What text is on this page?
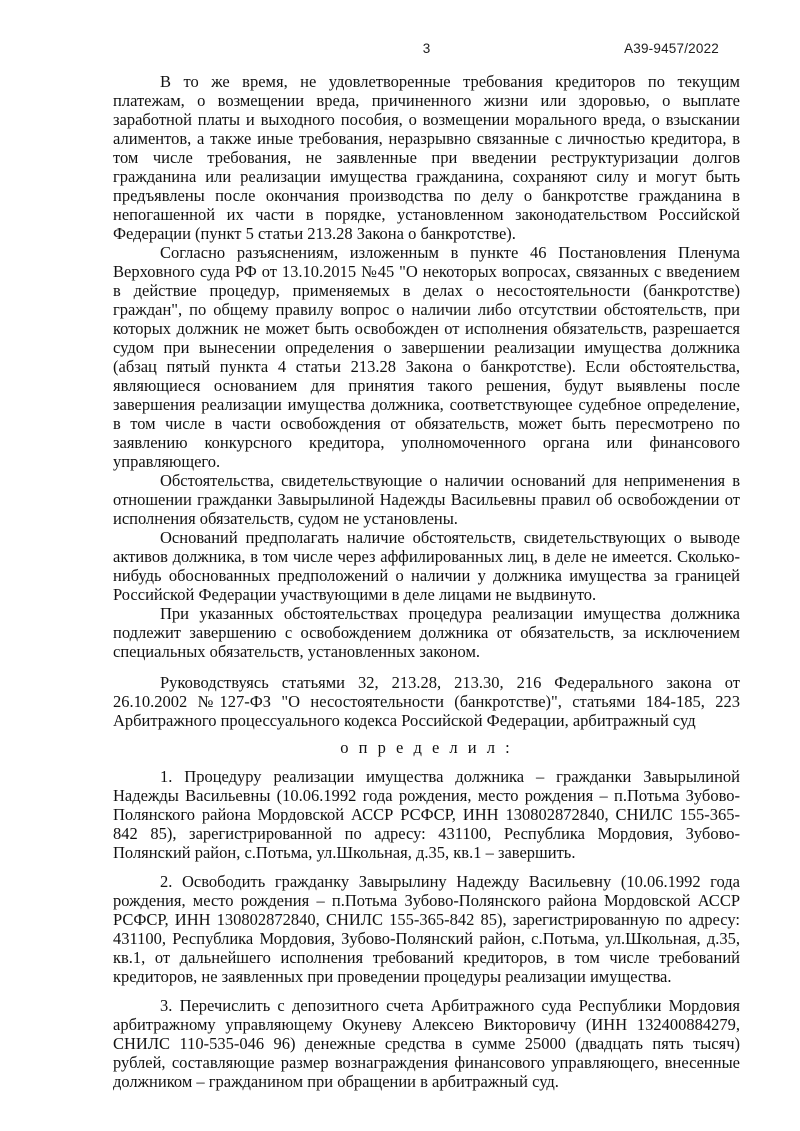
3	А39-9457/2022

В то же время, не удовлетворенные требования кредиторов по текущим платежам, о возмещении вреда, причиненного жизни или здоровью, о выплате заработной платы и выходного пособия, о возмещении морального вреда, о взыскании алиментов, а также иные требования, неразрывно связанные с личностью кредитора, в том числе требования, не заявленные при введении реструктуризации долгов гражданина или реализации имущества гражданина, сохраняют силу и могут быть предъявлены после окончания производства по делу о банкротстве гражданина в непогашенной их части в порядке, установленном законодательством Российской Федерации (пункт 5 статьи 213.28 Закона о банкротстве).

Согласно разъяснениям, изложенным в пункте 46 Постановления Пленума Верховного суда РФ от 13.10.2015 №45 "О некоторых вопросах, связанных с введением в действие процедур, применяемых в делах о несостоятельности (банкротстве) граждан", по общему правилу вопрос о наличии либо отсутствии обстоятельств, при которых должник не может быть освобожден от исполнения обязательств, разрешается судом при вынесении определения о завершении реализации имущества должника (абзац пятый пункта 4 статьи 213.28 Закона о банкротстве). Если обстоятельства, являющиеся основанием для принятия такого решения, будут выявлены после завершения реализации имущества должника, соответствующее судебное определение, в том числе в части освобождения от обязательств, может быть пересмотрено по заявлению конкурсного кредитора, уполномоченного органа или финансового управляющего.

Обстоятельства, свидетельствующие о наличии оснований для неприменения в отношении гражданки Завырылиной Надежды Васильевны правил об освобождении от исполнения обязательств, судом не установлены.

Оснований предполагать наличие обстоятельств, свидетельствующих о выводе активов должника, в том числе через аффилированных лиц, в деле не имеется. Сколько-нибудь обоснованных предположений о наличии у должника имущества за границей Российской Федерации участвующими в деле лицами не выдвинуто.

При указанных обстоятельствах процедура реализации имущества должника подлежит завершению с освобождением должника от обязательств, за исключением специальных обязательств, установленных законом.

Руководствуясь статьями 32, 213.28, 213.30, 216 Федерального закона от 26.10.2002 №127-ФЗ "О несостоятельности (банкротстве)", статьями 184-185, 223 Арбитражного процессуального кодекса Российской Федерации, арбитражный суд

о п р е д е л и л :

1. Процедуру реализации имущества должника – гражданки Завырылиной Надежды Васильевны (10.06.1992 года рождения, место рождения – п.Потьма Зубово-Полянского района Мордовской АССР РСФСР, ИНН 130802872840, СНИЛС 155-365-842 85), зарегистрированной по адресу: 431100, Республика Мордовия, Зубово-Полянский район, с.Потьма, ул.Школьная, д.35, кв.1 – завершить.

2. Освободить гражданку Завырылину Надежду Васильевну (10.06.1992 года рождения, место рождения – п.Потьма Зубово-Полянского района Мордовской АССР РСФСР, ИНН 130802872840, СНИЛС 155-365-842 85), зарегистрированную по адресу: 431100, Республика Мордовия, Зубово-Полянский район, с.Потьма, ул.Школьная, д.35, кв.1, от дальнейшего исполнения требований кредиторов, в том числе требований кредиторов, не заявленных при проведении процедуры реализации имущества.

3. Перечислить с депозитного счета Арбитражного суда Республики Мордовия арбитражному управляющему Окуневу Алексею Викторовичу (ИНН 132400884279, СНИЛС 110-535-046 96) денежные средства в сумме 25000 (двадцать пять тысяч) рублей, составляющие размер вознаграждения финансового управляющего, внесенные должником – гражданином при обращении в арбитражный суд.
